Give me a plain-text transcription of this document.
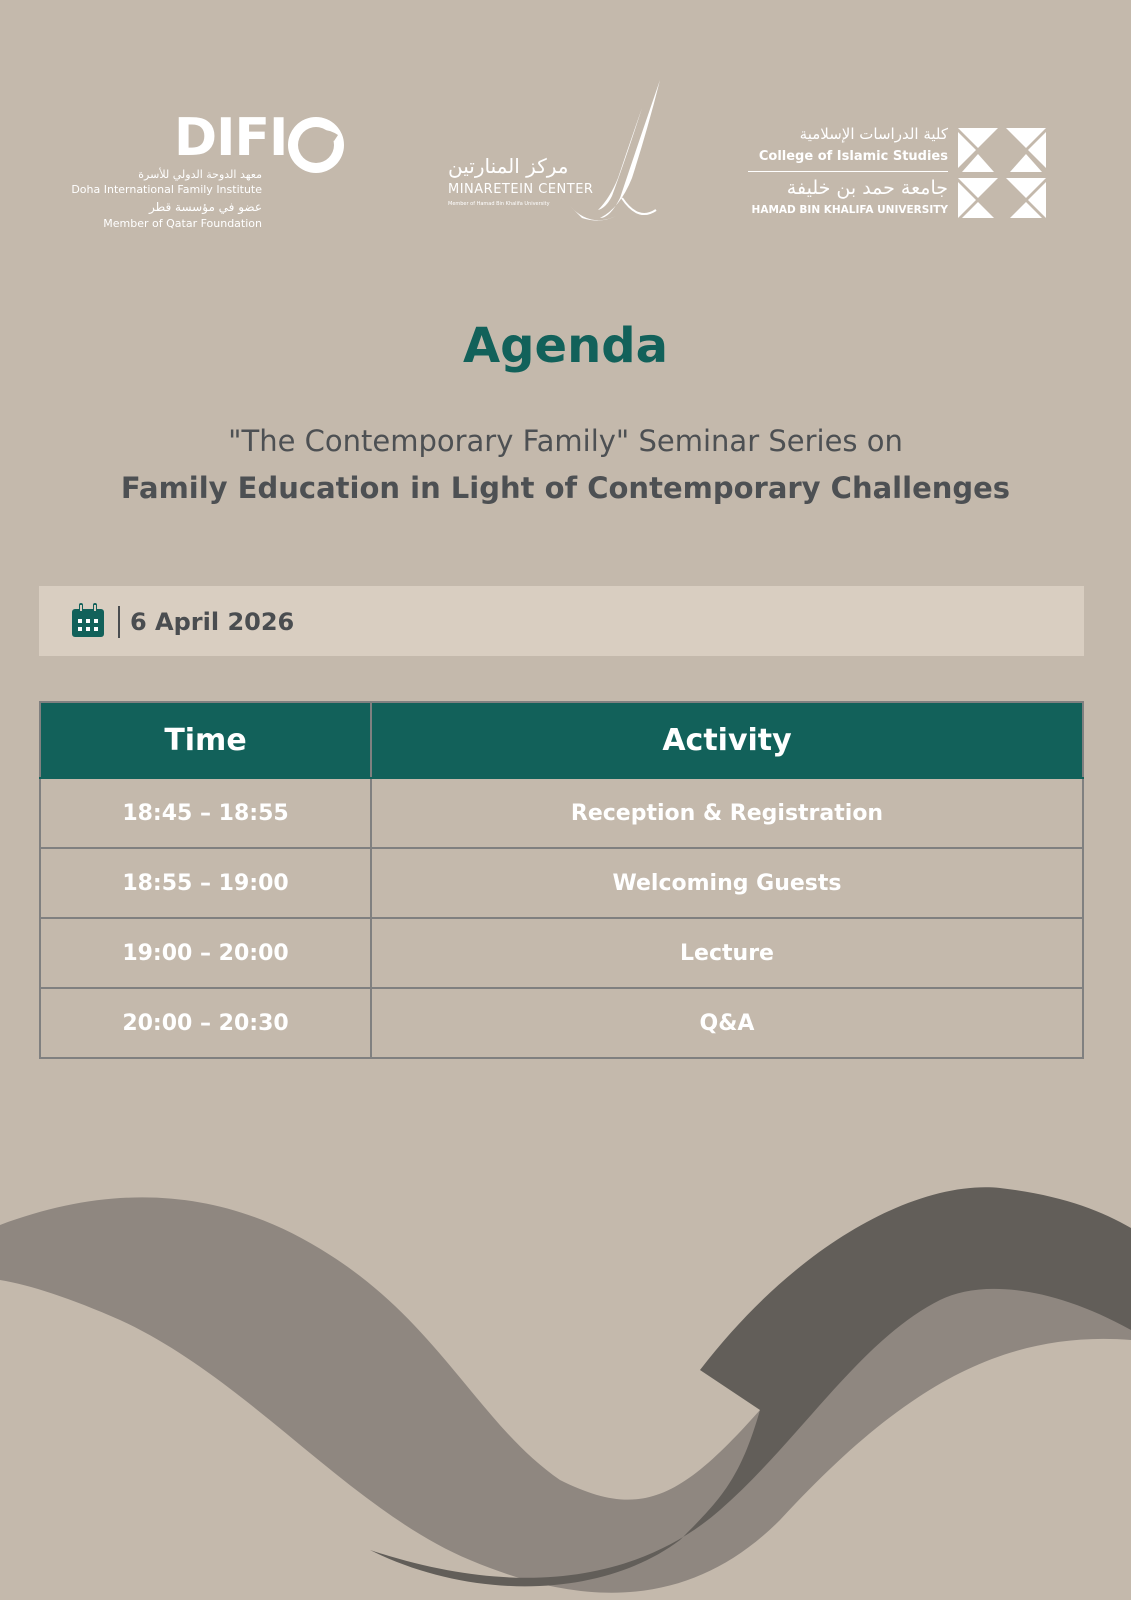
DIFI
معهد الدوحة الدولي للأسرة
Doha International Family Institute
عضو في مؤسسة قطر
Member of Qatar Foundation
مركز المنارتين
MINARETEIN CENTER
Member of Hamad Bin Khalifa University
كلية الدراسات الإسلامية
College of Islamic Studies
جامعة حمد بن خليفة
HAMAD BIN KHALIFA UNIVERSITY
Agenda
"The Contemporary Family" Seminar Series on
Family Education in Light of Contemporary Challenges
6 April 2026
Time	Activity
18:45 – 18:55	Reception & Registration
18:55 – 19:00	Welcoming Guests
19:00 – 20:00	Lecture
20:00 – 20:30	Q&A
